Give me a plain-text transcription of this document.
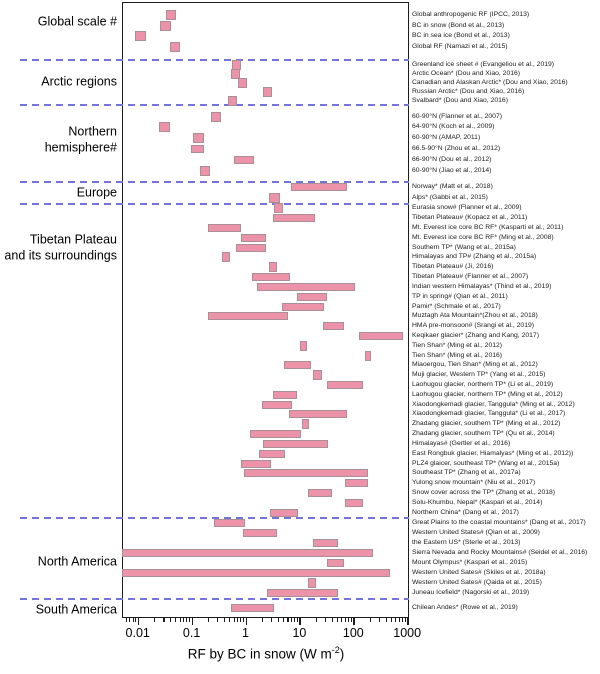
RF by BC in snow (W $m^{-2}$)
Global scale #
Arctic regions
Northern
hemisphere#
Europe
Tibetan Plateau
and its surroundings
North America
South America
Global anthropogenic RF (IPCC, 2013)
BC in snow (Bond et al., 2013)
BC in sea ice (Bond et al., 2013)
Global RF (Namazi et al., 2015)
Greenland ice sheet # (Evangeliou et al., 2019)
Arctic Ocean* (Dou and Xiao, 2016)
Canadian and Alaskan Arctic* (Dou and Xiao, 2016)
Russian Arctic* (Dou and Xiao, 2016)
Svalbard* (Dou and Xiao, 2016)
60-90°N (Flanner et al., 2007)
64-90°N (Koch et al., 2009)
60-90°N (AMAP, 2011)
66.5-90°N (Zhou et al., 2012)
66-90°N (Dou et al., 2012)
60-90°N (Jiao et al., 2014)
Norway* (Matt et al., 2018)
Alps* (Gabbi et al., 2015)
Eurasia snow# (Flanner et al., 2009)
Tibetan Plateau# (Kopacz et al., 2011)
Mt. Everest ice core BC RF* (Kasparti et al., 2011)
Mt. Everest ice core BC RF* (Ming et al., 2008)
Southern TP* (Wang et al., 2015a)
Himalayas and TP# (Zhang et al., 2015a)
Tibetan Plateau# (Ji, 2016)
Tibetan Plateau# (Flanner et al., 2007)
Indian western Himalayas* (Thind et al., 2019)
TP in spring# (Qian et al., 2011)
Pamir* (Schmale et al., 2017)
Muztagh Ata Mountain*(Zhou et al., 2018)
HMA pre-monsoon# (Srangi et al., 2019)
Keqikaer glacier* (Zhang and Kang, 2017)
Tien Shan* (Ming et al., 2012)
Tien Shan* (Ming et al., 2016)
Miaoergou, Tien Shan* (Ming et al., 2012)
Muji glacier, Western TP* (Yang et al., 2015)
Laohugou glacier, northern TP* (Li et al., 2019)
Laohugou glacier, northern TP* (Ming et al., 2012)
Xiaodongkemadi glacier, Tanggula* (Ming et al., 2012)
Xiaodongkemadi glacier, Tanggula* (Li et al., 2017)
Zhadang glacier, southern TP* (Ming et al., 2012)
Zhadang glacier, southern TP* (Qu et al., 2014)
Himalayas# (Gertler et al., 2016)
East Rongbuk glacier, Hiamalyas* (Ming et al., 2012))
PLZ4 glaicer, southeast TP* (Wang et al., 2015a)
Southeast TP* (Zhang et al., 2017a)
Yulong snow mountain* (Niu et al., 2017)
Snow cover across the TP* (Zhang et al., 2018)
Solu-Khumbu, Nepal* (Kaspari et al., 2014)
Northern China* (Dang et al., 2017)
Great Plains to the coastal mountains* (Dang et al., 2017)
Western United States# (Qian et al., 2009)
the Eastern US* (Sterle et al., 2013)
Sierra Nevada and Rocky Mountains# (Seidel et al., 2016)
Mount Olympus* (Kaspari et al., 2015)
Western United Sates# (Skiles et al., 2018a)
Western United Sates# (Qaida et al., 2015)
Juneau Icefield* (Nagorski et al., 2019)
Chilean Andes* (Rowe et al., 2019)
0.01	0.1	1	10	100 1000
